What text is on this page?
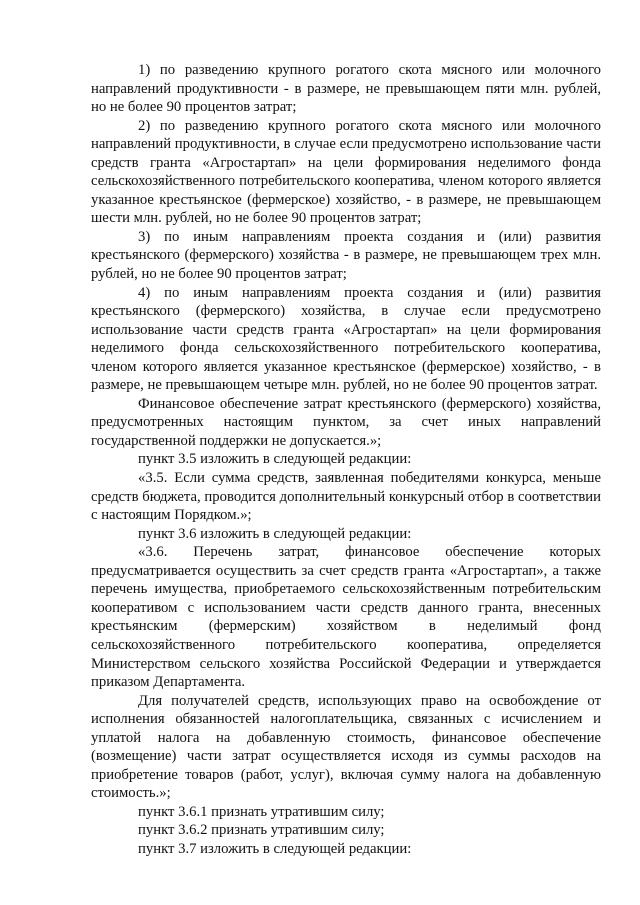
1) по разведению крупного рогатого скота мясного или молочного направлений продуктивности - в размере, не превышающем пяти млн. рублей, но не более 90 процентов затрат;

2) по разведению крупного рогатого скота мясного или молочного направлений продуктивности, в случае если предусмотрено использование части средств гранта «Агростартап» на цели формирования неделимого фонда сельскохозяйственного потребительского кооператива, членом которого является указанное крестьянское (фермерское) хозяйство, - в размере, не превышающем шести млн. рублей, но не более 90 процентов затрат;

3) по иным направлениям проекта создания и (или) развития крестьянского (фермерского) хозяйства - в размере, не превышающем трех млн. рублей, но не более 90 процентов затрат;

4) по иным направлениям проекта создания и (или) развития крестьянского (фермерского) хозяйства, в случае если предусмотрено использование части средств гранта «Агростартап» на цели формирования неделимого фонда сельскохозяйственного потребительского кооператива, членом которого является указанное крестьянское (фермерское) хозяйство, - в размере, не превышающем четыре млн. рублей, но не более 90 процентов затрат.

Финансовое обеспечение затрат крестьянского (фермерского) хозяйства, предусмотренных настоящим пунктом, за счет иных направлений государственной поддержки не допускается.»;

пункт 3.5 изложить в следующей редакции:

«3.5. Если сумма средств, заявленная победителями конкурса, меньше средств бюджета, проводится дополнительный конкурсный отбор в соответствии с настоящим Порядком.»;

пункт 3.6 изложить в следующей редакции:

«3.6. Перечень затрат, финансовое обеспечение которых предусматривается осуществить за счет средств гранта «Агростартап», а также перечень имущества, приобретаемого сельскохозяйственным потребительским кооперативом с использованием части средств данного гранта, внесенных крестьянским (фермерским) хозяйством в неделимый фонд сельскохозяйственного потребительского кооператива, определяется Министерством сельского хозяйства Российской Федерации и утверждается приказом Департамента.

Для получателей средств, использующих право на освобождение от исполнения обязанностей налогоплательщика, связанных с исчислением и уплатой налога на добавленную стоимость, финансовое обеспечение (возмещение) части затрат осуществляется исходя из суммы расходов на приобретение товаров (работ, услуг), включая сумму налога на добавленную стоимость.»;

пункт 3.6.1 признать утратившим силу;

пункт 3.6.2 признать утратившим силу;

пункт 3.7 изложить в следующей редакции:
